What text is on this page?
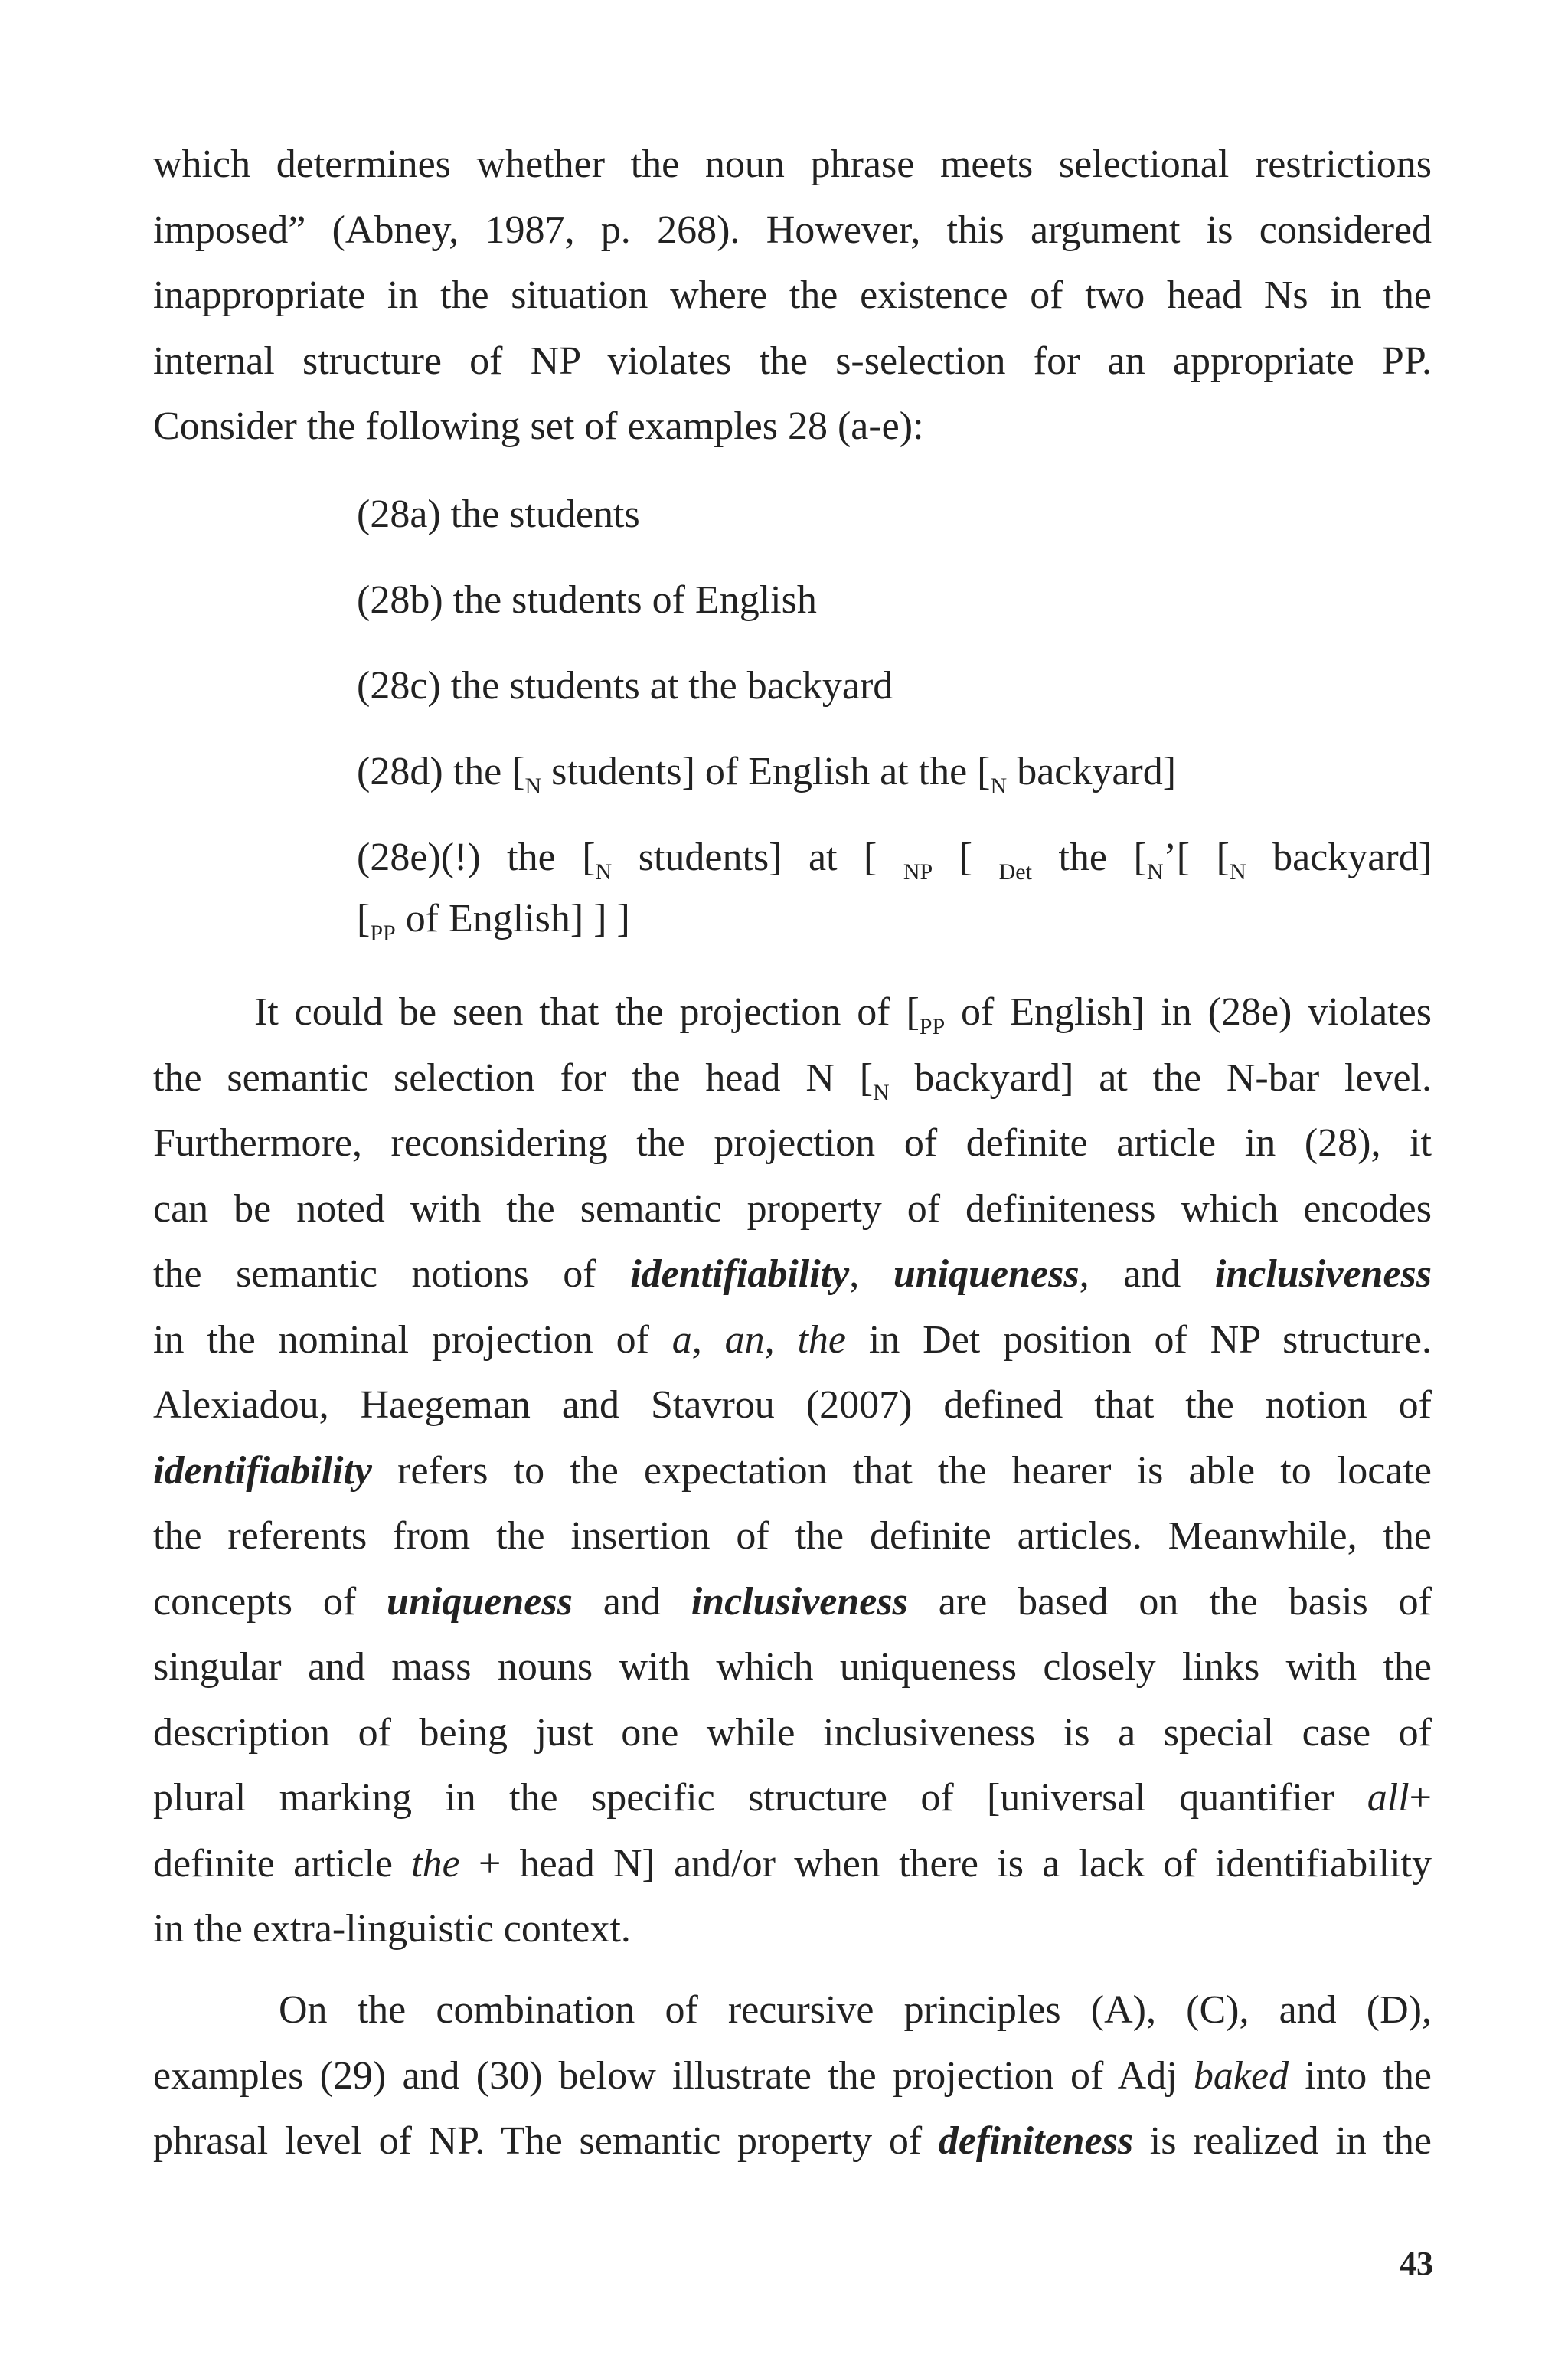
which determines whether the noun phrase meets selectional restrictions
imposed” (Abney, 1987, p. 268). However, this argument is considered
inappropriate in the situation where the existence of two head Ns in the
internal structure of NP violates the s-selection for an appropriate PP.
Consider the following set of examples 28 (a-e):
(28a) the students
(28b) the students of English
(28c) the students at the backyard
(28d) the [$_N$ students] of English at the [$_N$ backyard]
(28e)(!) the [$_N$ students] at [ $_{NP}$ [ $_{Det}$ the [$_N$’[ [$_N$ backyard]
[$_{PP}$ of English] ] ]
It could be seen that the projection of [$_{PP}$ of English] in (28e) violates
the semantic selection for the head N [$_N$ backyard] at the N-bar level.
Furthermore, reconsidering the projection of definite article in (28), it
can be noted with the semantic property of definiteness which encodes
the semantic notions of identifiability, uniqueness, and inclusiveness
in the nominal projection of a, an, the in Det position of NP structure.
Alexiadou, Haegeman and Stavrou (2007) defined that the notion of
identifiability refers to the expectation that the hearer is able to locate
the referents from the insertion of the definite articles. Meanwhile, the
concepts of uniqueness and inclusiveness are based on the basis of
singular and mass nouns with which uniqueness closely links with the
description of being just one while inclusiveness is a special case of
plural marking in the specific structure of [universal quantifier all+
definite article the + head N] and/or when there is a lack of identifiability
in the extra-linguistic context.
On the combination of recursive principles (A), (C), and (D),
examples (29) and (30) below illustrate the projection of Adj baked into the
phrasal level of NP. The semantic property of definiteness is realized in the
43
